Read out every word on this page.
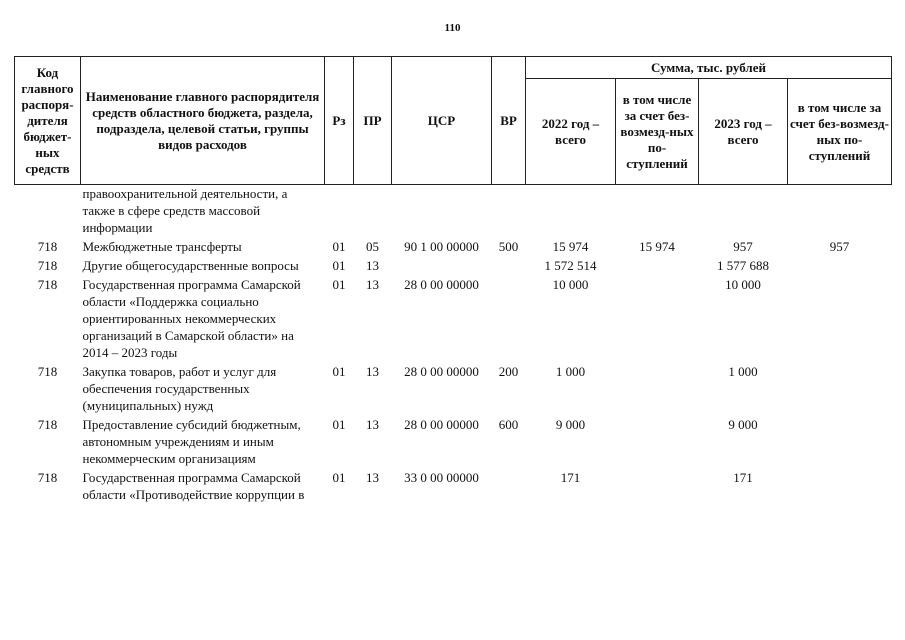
110
Код главного распоря-дителя бюджет-ных средств	Наименование главного распорядителя средств областного бюджета, раздела, подраздела, целевой статьи, группы видов расходов	Рз	ПР	ЦСР	ВР	Сумма, тыс. рублей			
						2022 год – всего	в том числе за счет без-возмезд-ных по-ступлений	2023 год – всего	в том числе за счет без-возмезд-ных по-ступлений
	правоохранительной деятельности, а также в сфере средств массовой информации								
718	Межбюджетные трансферты	01	05	90 1 00 00000	500	15 974	15 974	957	957
718	Другие общегосударственные вопросы	01	13			1 572 514		1 577 688	
718	Государственная программа Самарской области «Поддержка социально ориентированных некоммерческих организаций в Самарской области» на 2014 – 2023 годы	01	13	28 0 00 00000		10 000		10 000	
718	Закупка товаров, работ и услуг для обеспечения государственных (муниципальных) нужд	01	13	28 0 00 00000	200	1 000		1 000	
718	Предоставление субсидий бюджетным, автономным учреждениям и иным некоммерческим организациям	01	13	28 0 00 00000	600	9 000		9 000	
718	Государственная программа Самарской области «Противодействие коррупции в	01	13	33 0 00 00000		171		171	
